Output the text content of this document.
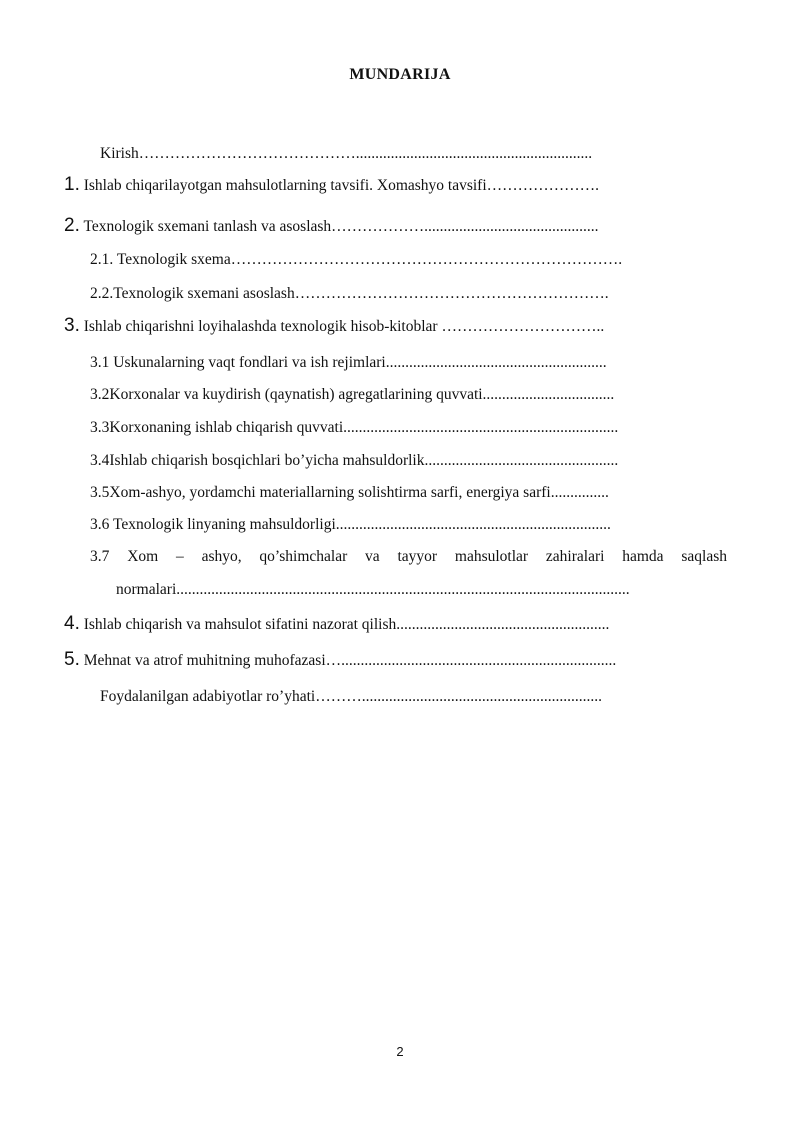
MUNDARIJA
Kirish…………………………………….............................................................
1. Ishlab chiqarilayotgan mahsulotlarning tavsifi. Xomashyo tavsifi………………….
2. Texnologik sxemani tanlash va asoslash……………….............................................
2.1. Texnologik sxema………………………………………………………………….
2.2.Texnologik sxemani asoslash…………………………………………………….
3. Ishlab chiqarishni loyihalashda texnologik hisob-kitoblar …………………………..
3.1 Uskunalarning vaqt fondlari va ish rejimlari.........................................................
3.2Korxonalar va kuydirish (qaynatish) agregatlarining quvvati..................................
3.3Korxonaning ishlab chiqarish quvvati.......................................................................
3.4Ishlab chiqarish bosqichlari bo’yicha mahsuldorlik..................................................
3.5Xom-ashyo, yordamchi materiallarning solishtirma sarfi, energiya sarfi...............
3.6 Texnologik linyaning mahsuldorligi.......................................................................
3.7 Xom – ashyo, qo’shimchalar va tayyor mahsulotlar zahiralari hamda saqlash
normalari.....................................................................................................................
4. Ishlab chiqarish va mahsulot sifatini nazorat qilish.......................................................
5. Mehnat va atrof muhitning muhofazasi….......................................................................
Foydalanilgan adabiyotlar ro’yhati………..............................................................
2
